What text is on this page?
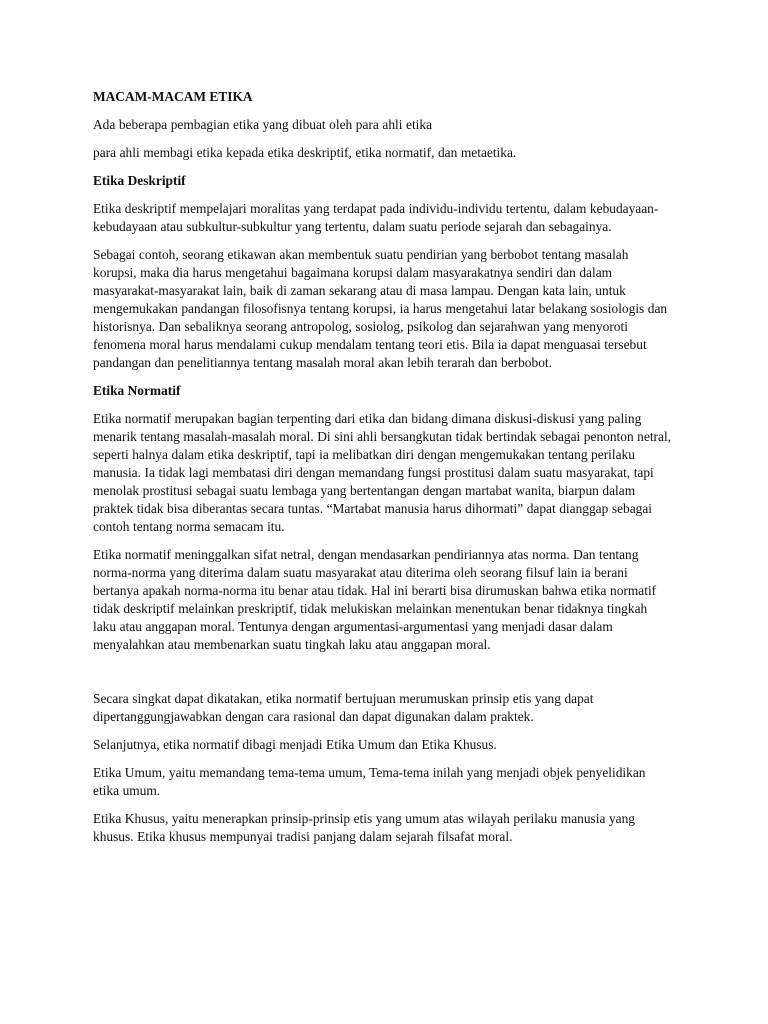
MACAM-MACAM ETIKA

Ada beberapa pembagian etika yang dibuat oleh para ahli etika

para ahli membagi etika kepada etika deskriptif, etika normatif, dan metaetika.

Etika Deskriptif

Etika deskriptif mempelajari moralitas yang terdapat pada individu-individu tertentu, dalam kebudayaan-kebudayaan atau subkultur-subkultur yang tertentu, dalam suatu periode sejarah dan sebagainya.

Sebagai contoh, seorang etikawan akan membentuk suatu pendirian yang berbobot tentang masalah korupsi, maka dia harus mengetahui bagaimana korupsi dalam masyarakatnya sendiri dan dalam masyarakat-masyarakat lain, baik di zaman sekarang atau di masa lampau. Dengan kata lain, untuk mengemukakan pandangan filosofisnya tentang korupsi, ia harus mengetahui latar belakang sosiologis dan historisnya. Dan sebaliknya seorang antropolog, sosiolog, psikolog dan sejarahwan yang menyoroti fenomena moral harus mendalami cukup mendalam tentang teori etis. Bila ia dapat menguasai tersebut pandangan dan penelitiannya tentang masalah moral akan lebih terarah dan berbobot.

Etika Normatif

Etika normatif merupakan bagian terpenting dari etika dan bidang dimana diskusi-diskusi yang paling menarik tentang masalah-masalah moral. Di sini ahli bersangkutan tidak bertindak sebagai penonton netral, seperti halnya dalam etika deskriptif, tapi ia melibatkan diri dengan mengemukakan tentang perilaku manusia. Ia tidak lagi membatasi diri dengan memandang fungsi prostitusi dalam suatu masyarakat, tapi menolak prostitusi sebagai suatu lembaga yang bertentangan dengan martabat wanita, biarpun dalam praktek tidak bisa diberantas secara tuntas. “Martabat manusia harus dihormati” dapat dianggap sebagai contoh tentang norma semacam itu.

Etika normatif meninggalkan sifat netral, dengan mendasarkan pendiriannya atas norma. Dan tentang norma-norma yang diterima dalam suatu masyarakat atau diterima oleh seorang filsuf lain ia berani bertanya apakah norma-norma itu benar atau tidak. Hal ini berarti bisa dirumuskan bahwa etika normatif tidak deskriptif melainkan preskriptif, tidak melukiskan melainkan menentukan benar tidaknya tingkah laku atau anggapan moral. Tentunya dengan argumentasi-argumentasi yang menjadi dasar dalam menyalahkan atau membenarkan suatu tingkah laku atau anggapan moral.

Secara singkat dapat dikatakan, etika normatif bertujuan merumuskan prinsip etis yang dapat dipertanggungjawabkan dengan cara rasional dan dapat digunakan dalam praktek.

Selanjutnya, etika normatif dibagi menjadi Etika Umum dan Etika Khusus.

Etika Umum, yaitu memandang tema-tema umum, Tema-tema inilah yang menjadi objek penyelidikan etika umum.

Etika Khusus, yaitu menerapkan prinsip-prinsip etis yang umum atas wilayah perilaku manusia yang khusus. Etika khusus mempunyai tradisi panjang dalam sejarah filsafat moral.
